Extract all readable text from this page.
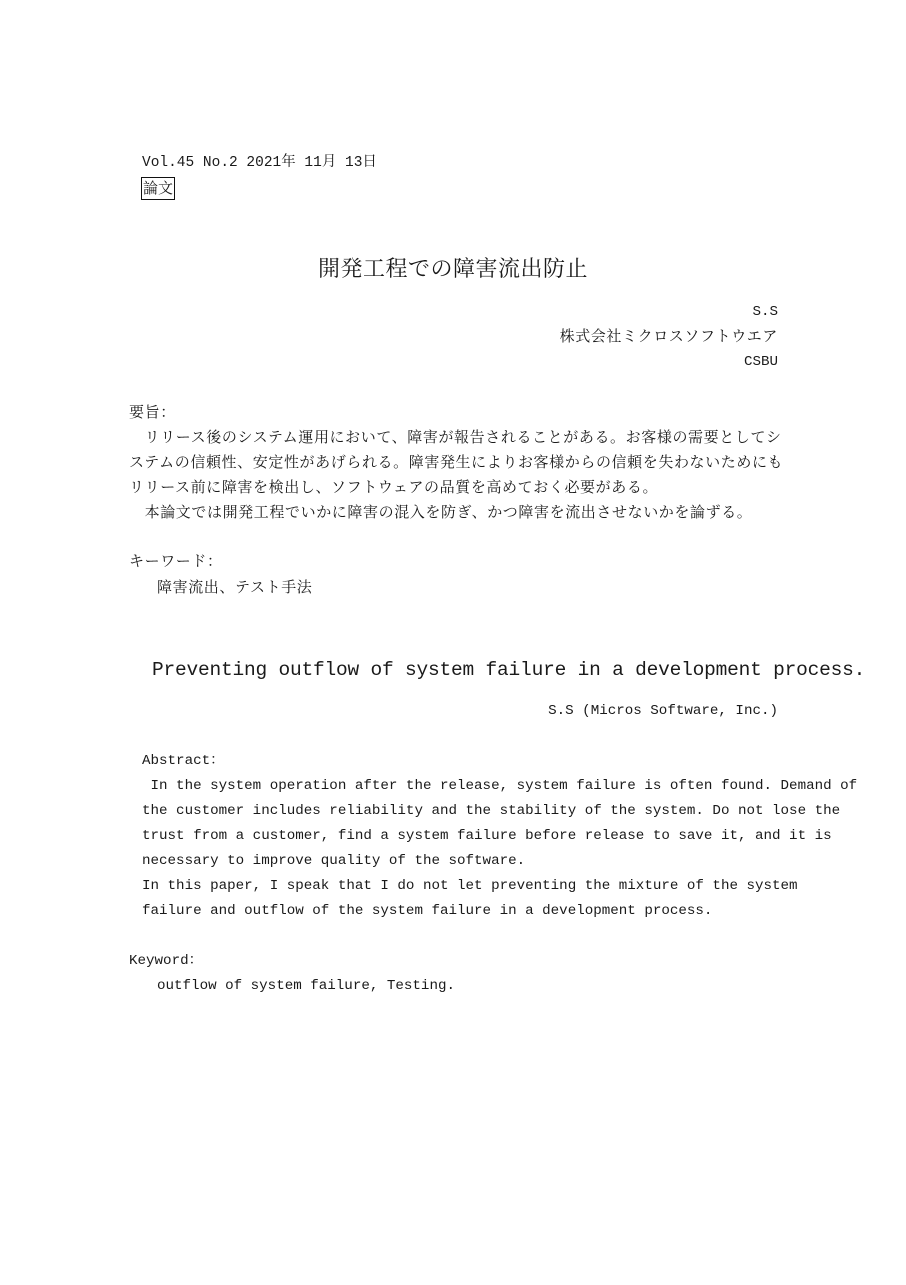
Vol.45 No.2 2021年 11月 13日
論文
開発工程での障害流出防止
S.S
株式会社ミクロスソフトウエア
CSBU
要旨：
　リリース後のシステム運用において、障害が報告されることがある。お客様の需要としてシ
ステムの信頼性、安定性があげられる。障害発生によりお客様からの信頼を失わないためにも
リリース前に障害を検出し、ソフトウェアの品質を高めておく必要がある。
　本論文では開発工程でいかに障害の混入を防ぎ、かつ障害を流出させないかを論ずる。
キーワード：
障害流出、テスト手法
Preventing outflow of system failure in a development process.
S.S (Micros Software, Inc.)
Abstract：
In the system operation after the release, system failure is often found. Demand of
the customer includes reliability and the stability of the system. Do not lose the
trust from a customer, find a system failure before release to save it, and it is
necessary to improve quality of the software.
In this paper, I speak that I do not let preventing the mixture of the system
failure and outflow of the system failure in a development process.
Keyword：
outflow of system failure, Testing.
